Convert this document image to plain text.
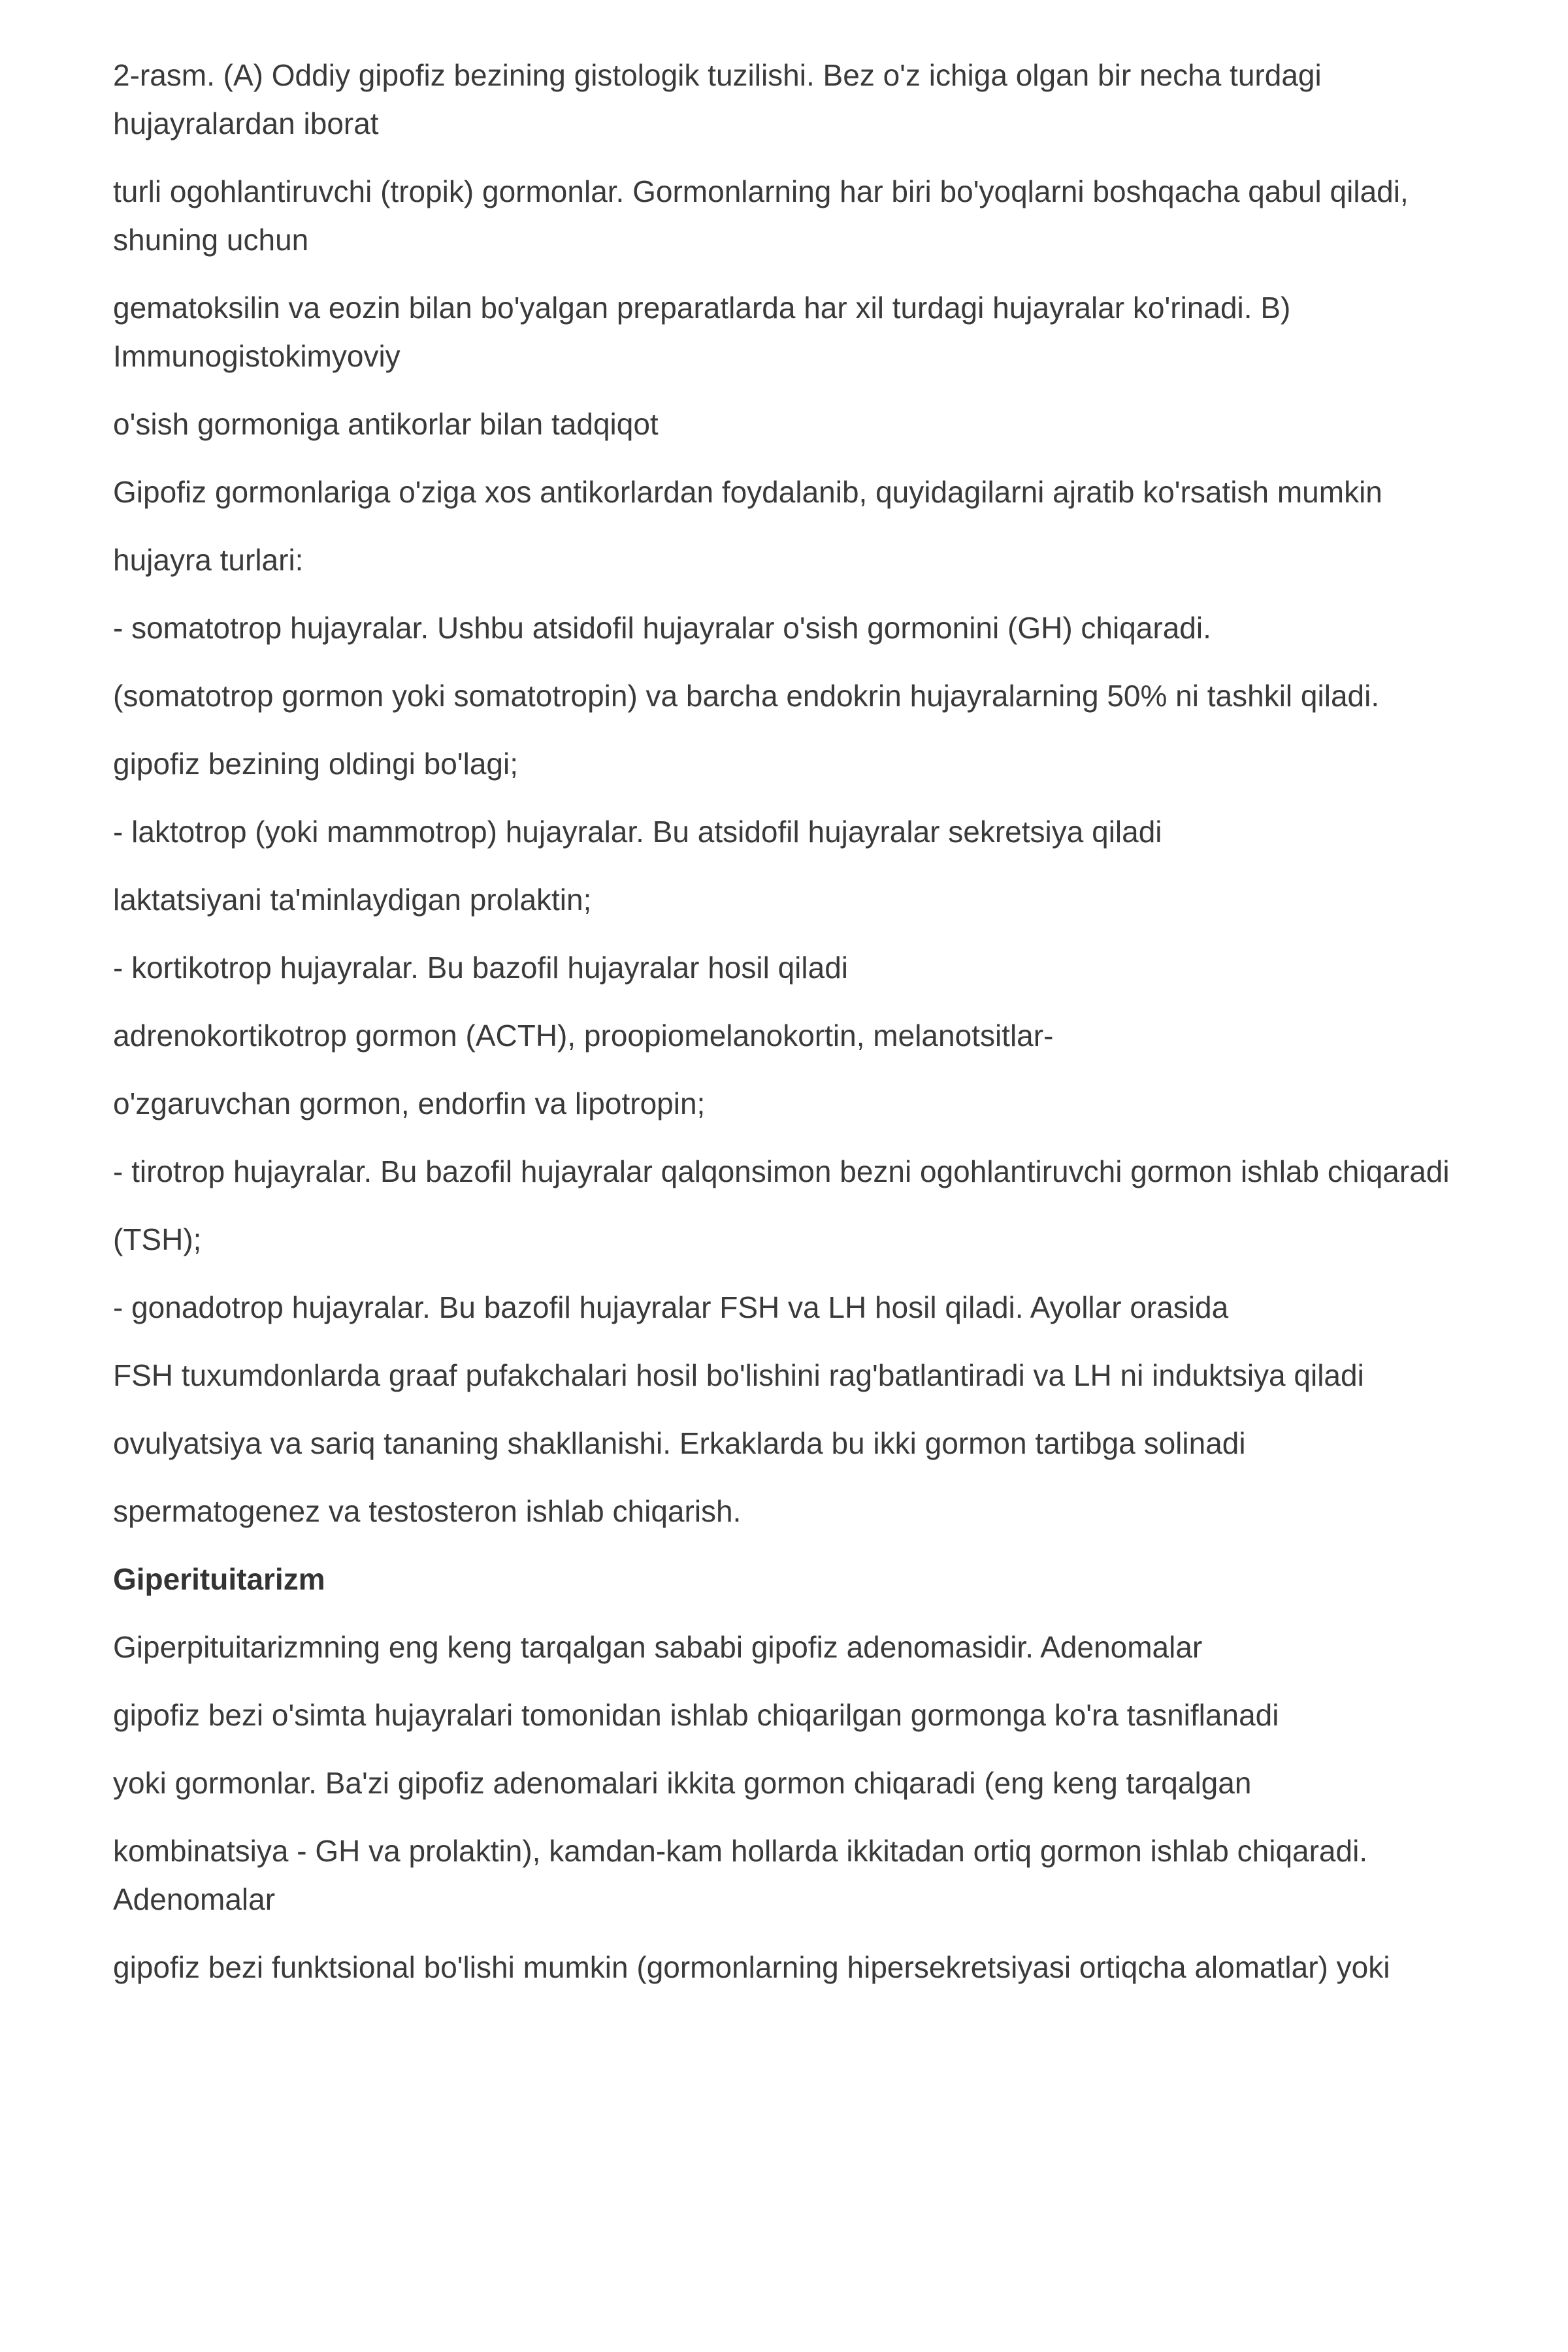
2-rasm. (A) Oddiy gipofiz bezining gistologik tuzilishi. Bez o'z ichiga olgan bir necha turdagi hujayralardan iborat

turli ogohlantiruvchi (tropik) gormonlar. Gormonlarning har biri bo'yoqlarni boshqacha qabul qiladi, shuning uchun

gematoksilin va eozin bilan bo'yalgan preparatlarda har xil turdagi hujayralar ko'rinadi. B) Immunogistokimyoviy

o'sish gormoniga antikorlar bilan tadqiqot

Gipofiz gormonlariga o'ziga xos antikorlardan foydalanib, quyidagilarni ajratib ko'rsatish mumkin

hujayra turlari:

- somatotrop hujayralar. Ushbu atsidofil hujayralar o'sish gormonini (GH) chiqaradi.

(somatotrop gormon yoki somatotropin) va barcha endokrin hujayralarning 50% ni tashkil qiladi.

gipofiz bezining oldingi bo'lagi;

- laktotrop (yoki mammotrop) hujayralar. Bu atsidofil hujayralar sekretsiya qiladi

laktatsiyani ta'minlaydigan prolaktin;

- kortikotrop hujayralar. Bu bazofil hujayralar hosil qiladi

adrenokortikotrop gormon (ACTH), proopiomelanokortin, melanotsitlar-

o'zgaruvchan gormon, endorfin va lipotropin;

- tirotrop hujayralar. Bu bazofil hujayralar qalqonsimon bezni ogohlantiruvchi gormon ishlab chiqaradi

(TSH);

- gonadotrop hujayralar. Bu bazofil hujayralar FSH va LH hosil qiladi. Ayollar orasida

FSH tuxumdonlarda graaf pufakchalari hosil bo'lishini rag'batlantiradi va LH ni induktsiya qiladi

ovulyatsiya va sariq tananing shakllanishi. Erkaklarda bu ikki gormon tartibga solinadi

spermatogenez va testosteron ishlab chiqarish.

Giperituitarizm

Giperpituitarizmning eng keng tarqalgan sababi gipofiz adenomasidir. Adenomalar

gipofiz bezi o'simta hujayralari tomonidan ishlab chiqarilgan gormonga ko'ra tasniflanadi

yoki gormonlar. Ba'zi gipofiz adenomalari ikkita gormon chiqaradi (eng keng tarqalgan

kombinatsiya - GH va prolaktin), kamdan-kam hollarda ikkitadan ortiq gormon ishlab chiqaradi. Adenomalar

gipofiz bezi funktsional bo'lishi mumkin (gormonlarning hipersekretsiyasi ortiqcha alomatlar) yoki
